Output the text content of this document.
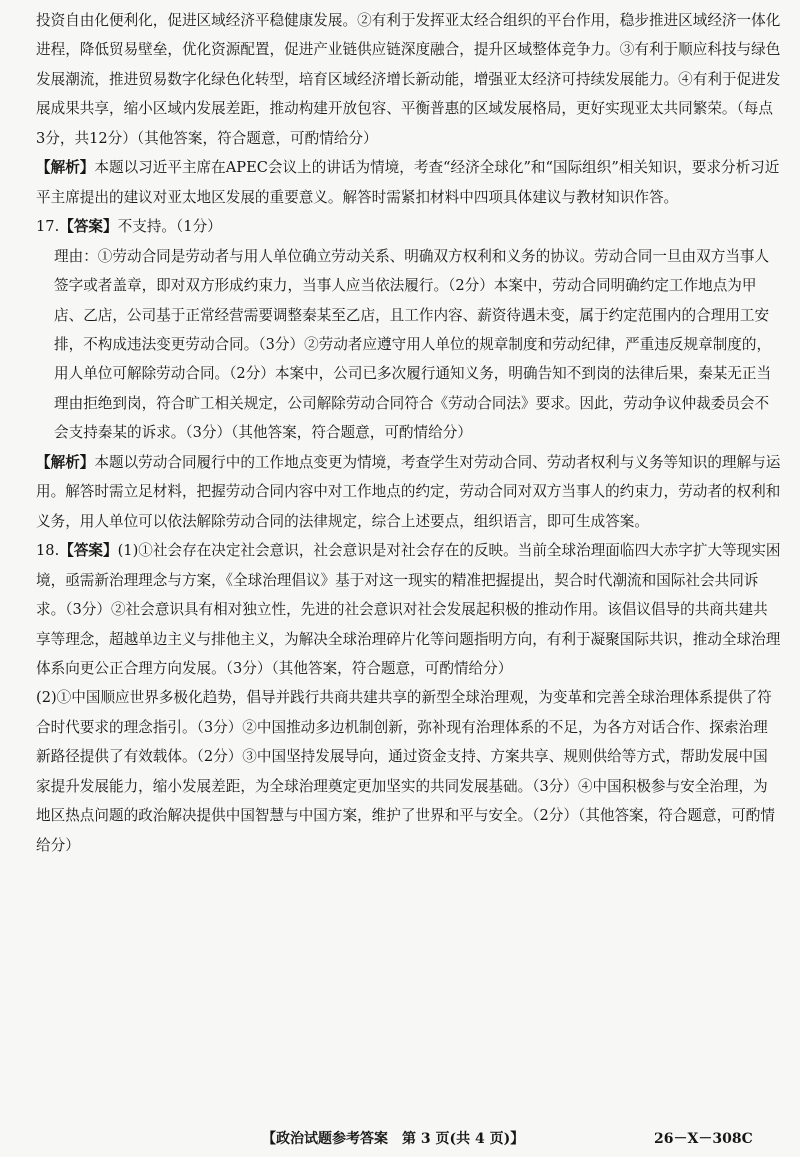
投资自由化便利化，促进区域经济平稳健康发展。②有利于发挥亚太经合组织的平台作用，稳步推进区域经济一体化进程，降低贸易壁垒，优化资源配置，促进产业链供应链深度融合，提升区域整体竞争力。③有利于顺应科技与绿色发展潮流，推进贸易数字化绿色化转型，培育区域经济增长新动能，增强亚太经济可持续发展能力。④有利于促进发展成果共享，缩小区域内发展差距，推动构建开放包容、平衡普惠的区域发展格局，更好实现亚太共同繁荣。（每点3分，共12分）（其他答案，符合题意，可酌情给分）

【解析】本题以习近平主席在APEC会议上的讲话为情境，考查“经济全球化”和“国际组织”相关知识，要求分析习近平主席提出的建议对亚太地区发展的重要意义。解答时需紧扣材料中四项具体建议与教材知识作答。

17.【答案】不支持。（1分）

理由：①劳动合同是劳动者与用人单位确立劳动关系、明确双方权利和义务的协议。劳动合同一旦由双方当事人签字或者盖章，即对双方形成约束力，当事人应当依法履行。（2分）本案中，劳动合同明确约定工作地点为甲店、乙店，公司基于正常经营需要调整秦某至乙店，且工作内容、薪资待遇未变，属于约定范围内的合理用工安排，不构成违法变更劳动合同。（3分）②劳动者应遵守用人单位的规章制度和劳动纪律，严重违反规章制度的，用人单位可解除劳动合同。（2分）本案中，公司已多次履行通知义务，明确告知不到岗的法律后果，秦某无正当理由拒绝到岗，符合旷工相关规定，公司解除劳动合同符合《劳动合同法》要求。因此，劳动争议仲裁委员会不会支持秦某的诉求。（3分）（其他答案，符合题意，可酌情给分）

【解析】本题以劳动合同履行中的工作地点变更为情境，考查学生对劳动合同、劳动者权利与义务等知识的理解与运用。解答时需立足材料，把握劳动合同内容中对工作地点的约定，劳动合同对双方当事人的约束力，劳动者的权利和义务，用人单位可以依法解除劳动合同的法律规定，综合上述要点，组织语言，即可生成答案。

18.【答案】(1)①社会存在决定社会意识，社会意识是对社会存在的反映。当前全球治理面临四大赤字扩大等现实困境，亟需新治理理念与方案，《全球治理倡议》基于对这一现实的精准把握提出，契合时代潮流和国际社会共同诉求。（3分）②社会意识具有相对独立性，先进的社会意识对社会发展起积极的推动作用。该倡议倡导的共商共建共享等理念，超越单边主义与排他主义，为解决全球治理碎片化等问题指明方向，有利于凝聚国际共识，推动全球治理体系向更公正合理方向发展。（3分）（其他答案，符合题意，可酌情给分）

(2)①中国顺应世界多极化趋势，倡导并践行共商共建共享的新型全球治理观，为变革和完善全球治理体系提供了符合时代要求的理念指引。（3分）②中国推动多边机制创新，弥补现有治理体系的不足，为各方对话合作、探索治理新路径提供了有效载体。（2分）③中国坚持发展导向，通过资金支持、方案共享、规则供给等方式，帮助发展中国家提升发展能力，缩小发展差距，为全球治理奠定更加坚实的共同发展基础。（3分）④中国积极参与安全治理，为地区热点问题的政治解决提供中国智慧与中国方案，维护了世界和平与安全。（2分）（其他答案，符合题意，可酌情给分）

【政治试题参考答案　第 3 页(共 4 页)】	26－X－308C
